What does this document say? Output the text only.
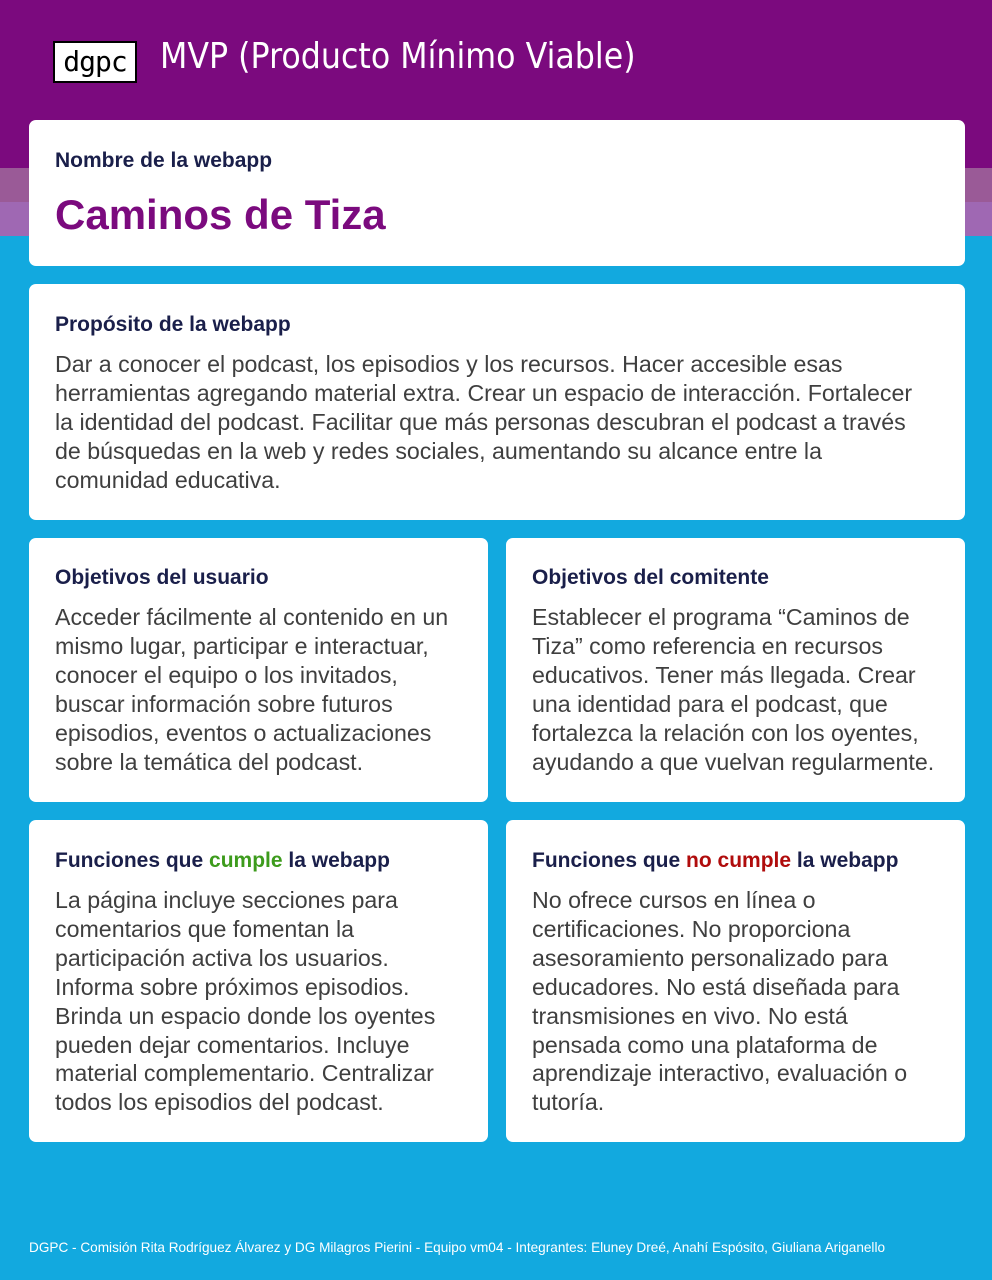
dgpc MVP (Producto Mínimo Viable)
Nombre de la webapp
Caminos de Tiza
Propósito de la webapp
Dar a conocer el podcast, los episodios y los recursos. Hacer accesible esas
herramientas agregando material extra. Crear un espacio de interacción. Fortalecer
la identidad del podcast. Facilitar que más personas descubran el podcast a través
de búsquedas en la web y redes sociales, aumentando su alcance entre la
comunidad educativa.
Objetivos del usuario
Acceder fácilmente al contenido en un
mismo lugar, participar e interactuar,
conocer el equipo o los invitados,
buscar información sobre futuros
episodios, eventos o actualizaciones
sobre la temática del podcast.
Objetivos del comitente
Establecer el programa “Caminos de
Tiza” como referencia en recursos
educativos. Tener más llegada. Crear
una identidad para el podcast, que
fortalezca la relación con los oyentes,
ayudando a que vuelvan regularmente.
Funciones que cumple la webapp
La página incluye secciones para
comentarios que fomentan la
participación activa los usuarios.
Informa sobre próximos episodios.
Brinda un espacio donde los oyentes
pueden dejar comentarios. Incluye
material complementario. Centralizar
todos los episodios del podcast.
Funciones que no cumple la webapp
No ofrece cursos en línea o
certificaciones. No proporciona
asesoramiento personalizado para
educadores. No está diseñada para
transmisiones en vivo. No está
pensada como una plataforma de
aprendizaje interactivo, evaluación o
tutoría.
DGPC - Comisión Rita Rodríguez Álvarez y DG Milagros Pierini - Equipo vm04 - Integrantes: Eluney Dreé, Anahí Espósito, Giuliana Ariganello
